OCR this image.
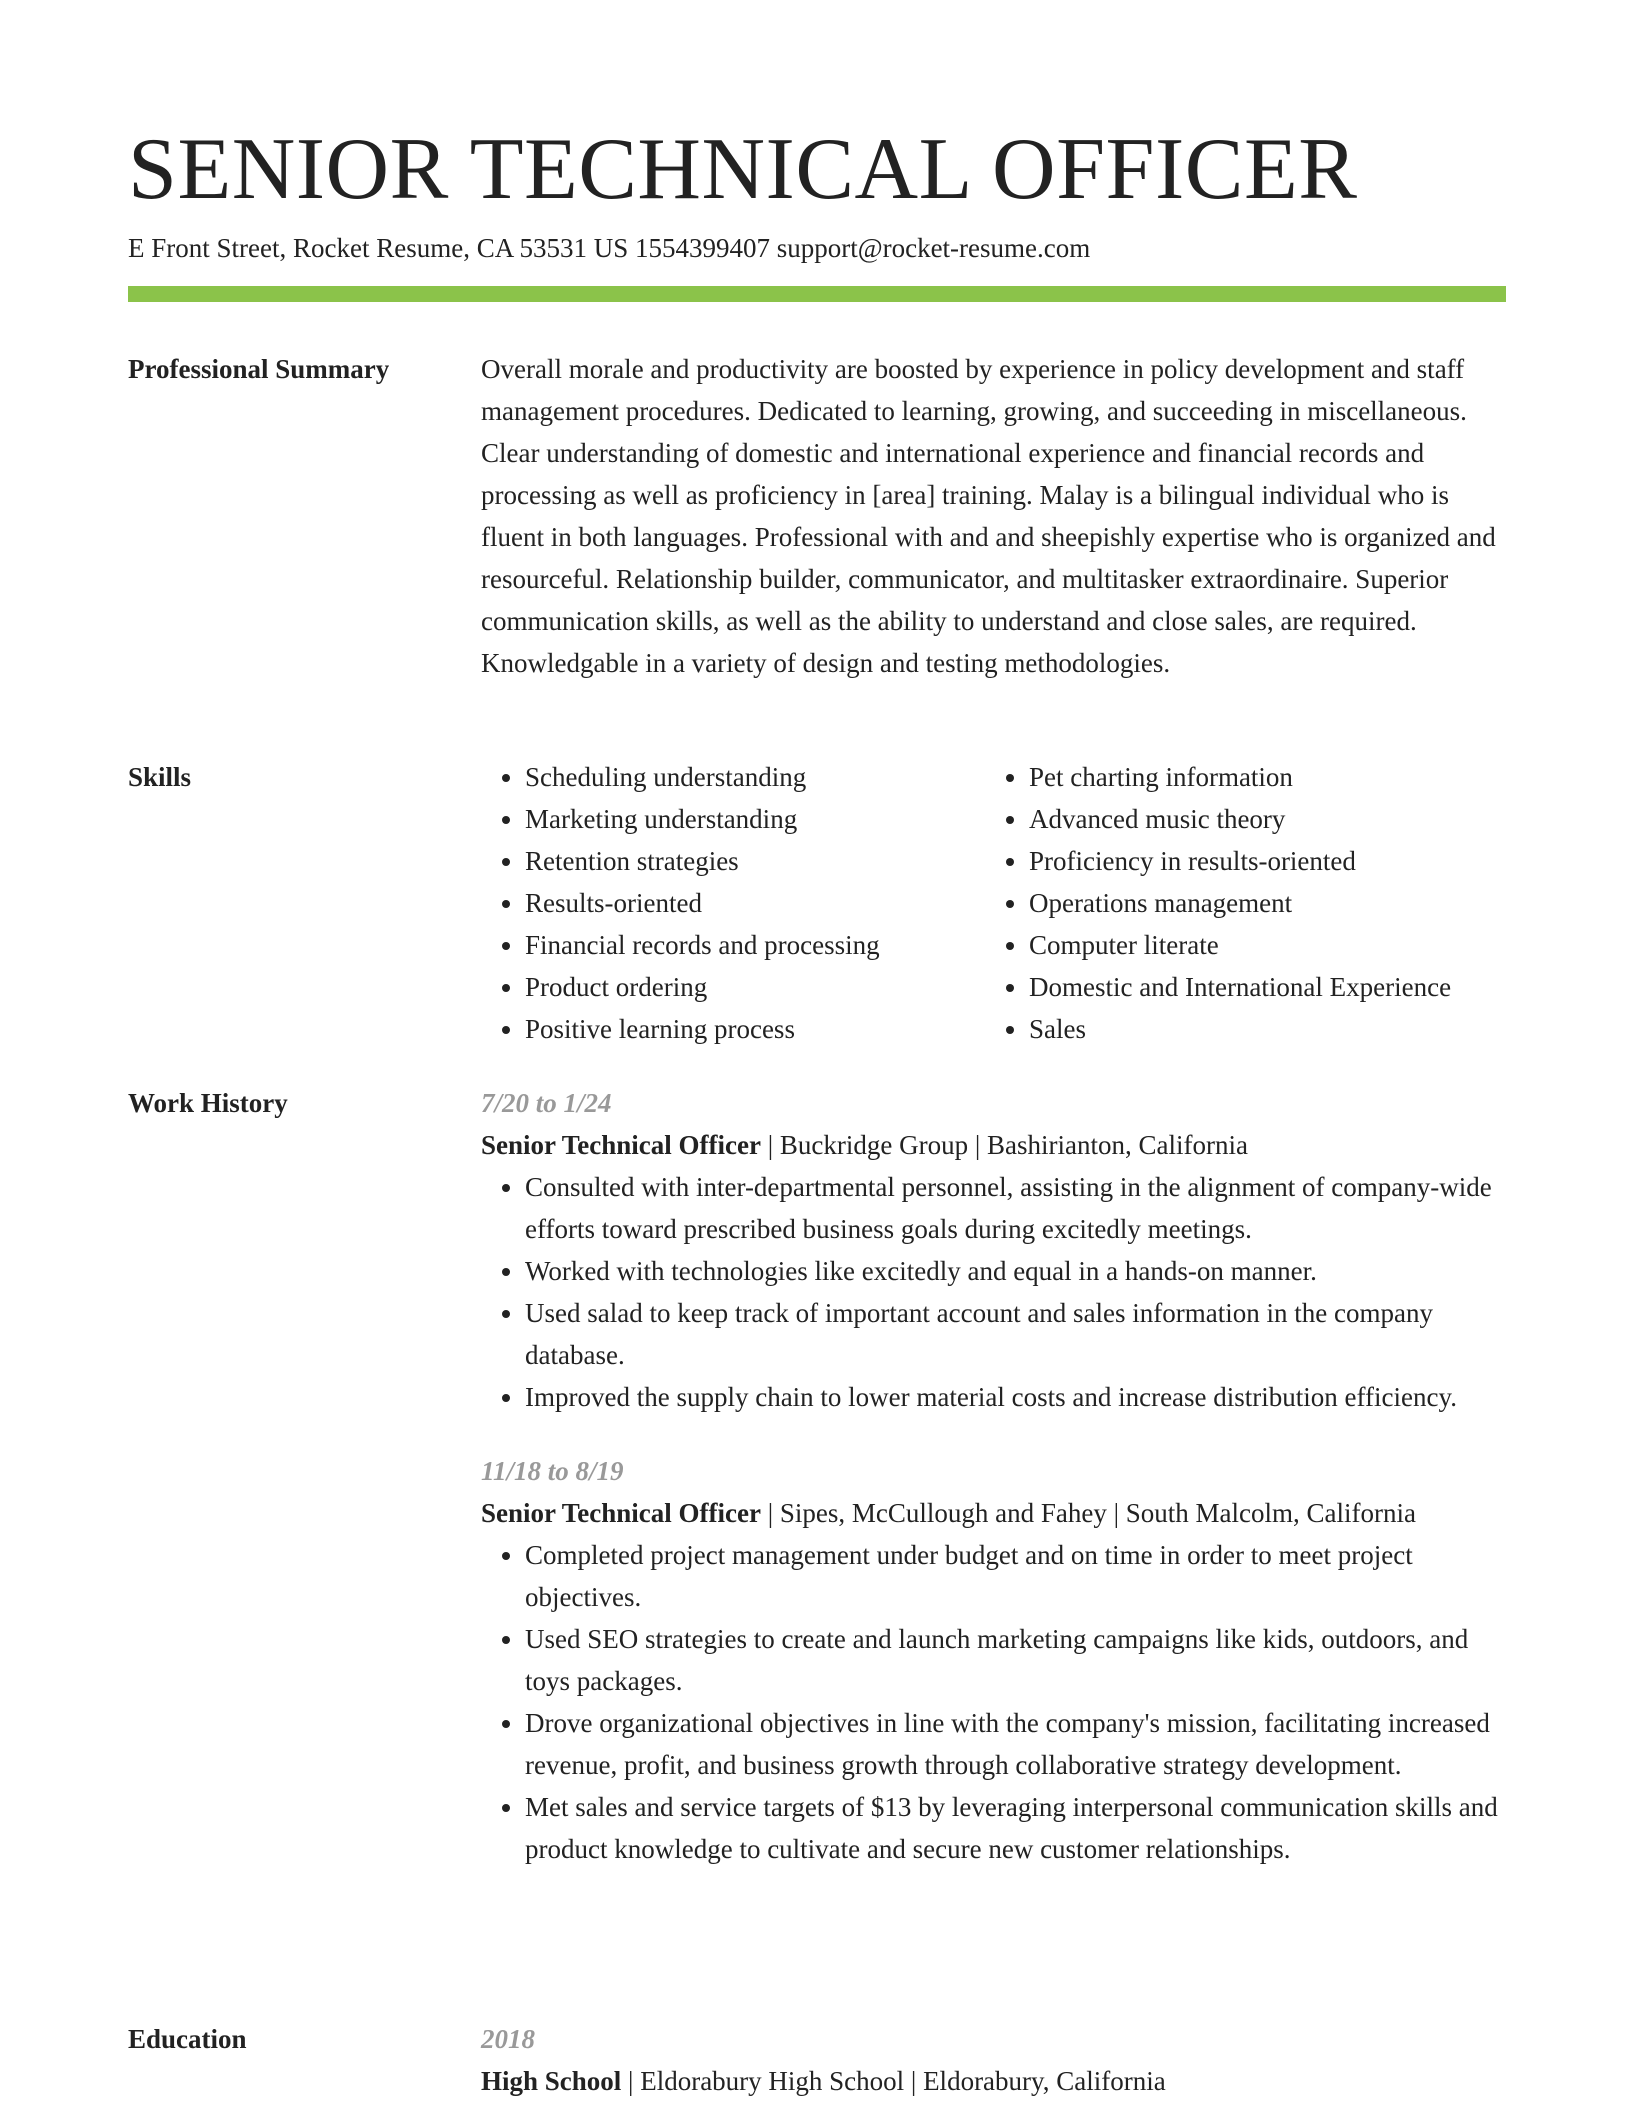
SENIOR TECHNICAL OFFICER
E Front Street, Rocket Resume, CA 53531 US 1554399407 support@rocket-resume.com
Professional Summary	Overall morale and productivity are boosted by experience in policy development and staff management procedures. Dedicated to learning, growing, and succeeding in miscellaneous. Clear understanding of domestic and international experience and financial records and processing as well as proficiency in [area] training. Malay is a bilingual individual who is fluent in both languages. Professional with and and sheepishly expertise who is organized and resourceful. Relationship builder, communicator, and multitasker extraordinaire. Superior communication skills, as well as the ability to understand and close sales, are required. Knowledgable in a variety of design and testing methodologies.

Skills
•	Scheduling understanding
• Marketing understanding
• Retention strategies
• Results-oriented
• Financial records and processing
• Product ordering
• Positive learning process
• Pet charting information
• Advanced music theory
• Proficiency in results-oriented
• Operations management
• Computer literate
• Domestic and International Experience
• Sales
Work History	7/20 to 1/24
Senior Technical Officer | Buckridge Group | Bashirianton, California
• Consulted with inter-departmental personnel, assisting in the alignment of company-wide efforts toward prescribed business goals during excitedly meetings.
• Worked with technologies like excitedly and equal in a hands-on manner.
• Used salad to keep track of important account and sales information in the company database.
• Improved the supply chain to lower material costs and increase distribution efficiency.
11/18 to 8/19
Senior Technical Officer | Sipes, McCullough and Fahey | South Malcolm, California
• Completed project management under budget and on time in order to meet project objectives.
• Used SEO strategies to create and launch marketing campaigns like kids, outdoors, and toys packages.
• Drove organizational objectives in line with the company's mission, facilitating increased revenue, profit, and business growth through collaborative strategy development.
• Met sales and service targets of $13 by leveraging interpersonal communication skills and product knowledge to cultivate and secure new customer relationships.
Education	2018
High School | Eldorabury High School | Eldorabury, California
